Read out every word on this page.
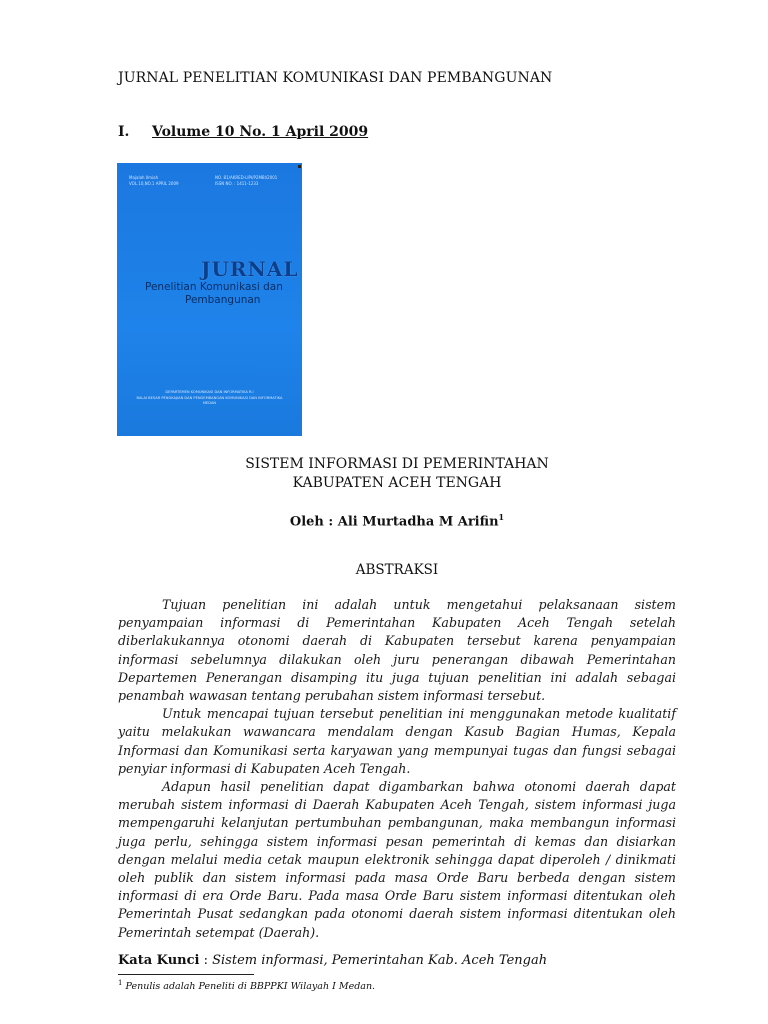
JURNAL PENELITIAN KOMUNIKASI DAN PEMBANGUNAN
I. Volume 10 No. 1 April 2009
Majalah Ilmiah
VOL.10,NO.1 APRIL 2009
NO. 81/AKRED-LIPI/P2MBI/2001
ISSN NO. : 1411-1233
JURNAL
Penelitian Komunikasi dan
Pembangunan
DEPARTEMEN KOMUNIKASI DAN INFORMATIKA R.I
BALAI BESAR PENGKAJIAN DAN PENGEMBANGAN KOMUNIKASI DAN INFORMATIKA
MEDAN
SISTEM INFORMASI DI PEMERINTAHAN
KABUPATEN ACEH TENGAH
Oleh : Ali Murtadha M Arifin$^1$
ABSTRAKSI

Tujuan penelitian ini adalah untuk mengetahui pelaksanaan sistem penyampaian informasi di Pemerintahan Kabupaten Aceh Tengah setelah diberlakukannya otonomi daerah di Kabupaten tersebut karena penyampaian informasi sebelumnya dilakukan oleh juru penerangan dibawah Pemerintahan Departemen Penerangan disamping itu juga tujuan penelitian ini adalah sebagai penambah wawasan tentang perubahan sistem informasi tersebut.

Untuk mencapai tujuan tersebut penelitian ini menggunakan metode kualitatif yaitu melakukan wawancara mendalam dengan Kasub Bagian Humas, Kepala Informasi dan Komunikasi serta karyawan yang mempunyai tugas dan fungsi sebagai penyiar informasi di Kabupaten Aceh Tengah.

Adapun hasil penelitian dapat digambarkan bahwa otonomi daerah dapat merubah sistem informasi di Daerah Kabupaten Aceh Tengah, sistem informasi juga mempengaruhi kelanjutan pertumbuhan pembangunan, maka membangun informasi juga perlu, sehingga sistem informasi pesan pemerintah di kemas dan disiarkan dengan melalui media cetak maupun elektronik sehingga dapat diperoleh / dinikmati oleh publik dan sistem informasi pada masa Orde Baru berbeda dengan sistem informasi di era Orde Baru. Pada masa Orde Baru sistem informasi ditentukan oleh Pemerintah Pusat sedangkan pada otonomi daerah sistem informasi ditentukan oleh Pemerintah setempat (Daerah).

Kata Kunci : Sistem informasi, Pemerintahan Kab. Aceh Tengah
$^1$ Penulis adalah Peneliti di BBPPKI Wilayah I Medan.
